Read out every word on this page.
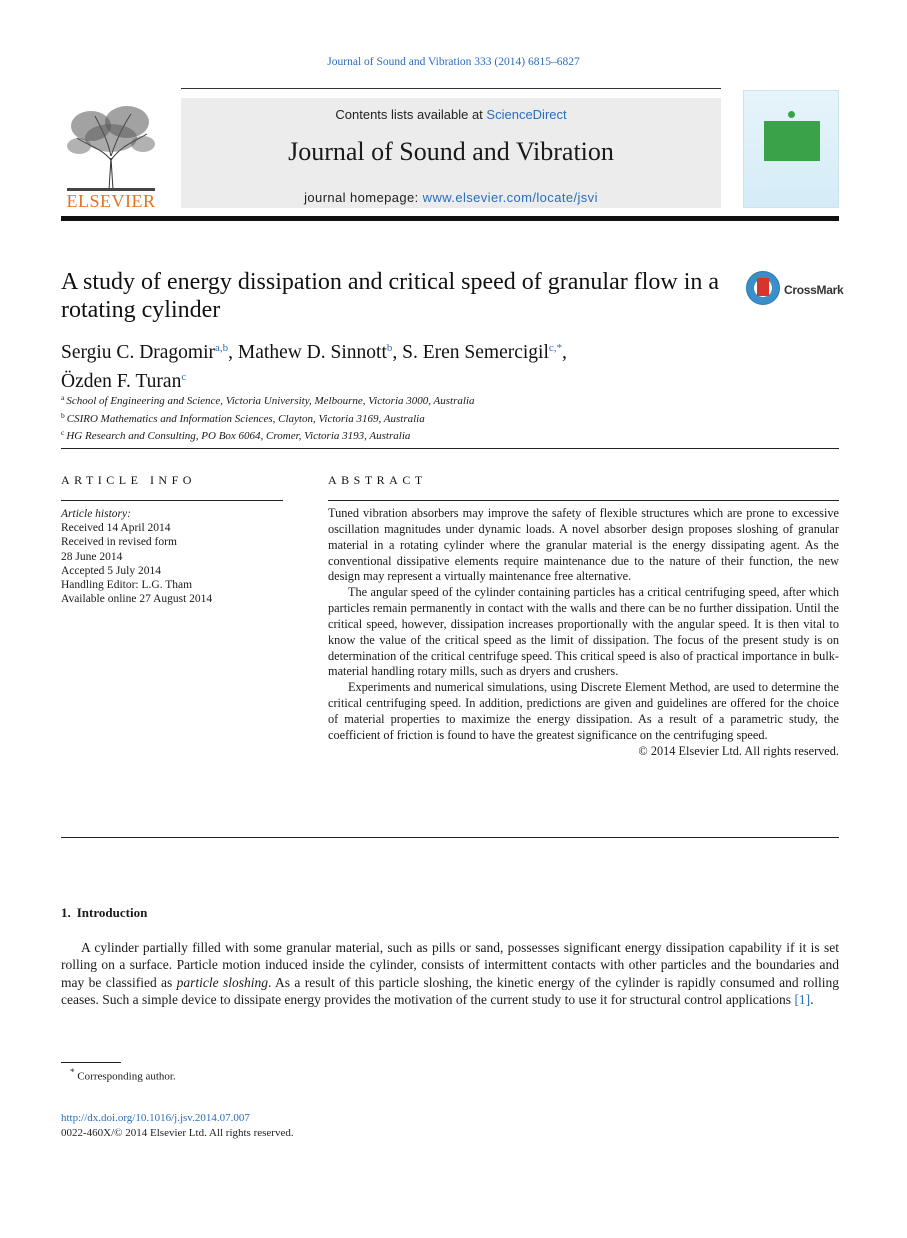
Journal of Sound and Vibration 333 (2014) 6815–6827
ELSEVIER
Contents lists available at ScienceDirect
Journal of Sound and Vibration
journal homepage: www.elsevier.com/locate/jsvi
A study of energy dissipation and critical speed of granular flow in a rotating cylinder
CrossMark
Sergiu C. Dragomir$^{a,b}$, Mathew D. Sinnott$^b$, S. Eren Semercigil$^{c,*}$,
Özden F. Turan$^c$
$^a$ School of Engineering and Science, Victoria University, Melbourne, Victoria 3000, Australia
$^b$ CSIRO Mathematics and Information Sciences, Clayton, Victoria 3169, Australia
$^c$ HG Research and Consulting, PO Box 6064, Cromer, Victoria 3193, Australia
ARTICLE INFO	ABSTRACT
Article history:
Received 14 April 2014
Received in revised form
28 June 2014
Accepted 5 July 2014
Handling Editor: L.G. Tham
Available online 27 August 2014

Tuned vibration absorbers may improve the safety of flexible structures which are prone to excessive oscillation magnitudes under dynamic loads. A novel absorber design proposes sloshing of granular material in a rotating cylinder where the granular material is the energy dissipating agent. As the conventional dissipative elements require maintenance due to the nature of their function, the new design may represent a virtually maintenance free alternative.

The angular speed of the cylinder containing particles has a critical centrifuging speed, after which particles remain permanently in contact with the walls and there can be no further dissipation. Until the critical speed, however, dissipation increases proportionally with the angular speed. It is then vital to know the value of the critical speed as the limit of dissipation. The focus of the present study is on determination of the critical centrifuge speed. This critical speed is also of practical importance in bulk-material handling rotary mills, such as dryers and crushers.

Experiments and numerical simulations, using Discrete Element Method, are used to determine the critical centrifuging speed. In addition, predictions are given and guidelines are offered for the choice of material properties to maximize the energy dissipation. As a result of a parametric study, the coefficient of friction is found to have the greatest significance on the centrifuging speed.

© 2014 Elsevier Ltd. All rights reserved.

1. Introduction

A cylinder partially filled with some granular material, such as pills or sand, possesses significant energy dissipation capability if it is set rolling on a surface. Particle motion induced inside the cylinder, consists of intermittent contacts with other particles and the boundaries and may be classified as particle sloshing. As a result of this particle sloshing, the kinetic energy of the cylinder is rapidly consumed and rolling ceases. Such a simple device to dissipate energy provides the motivation of the current study to use it for structural control applications [1].

* Corresponding author.
http://dx.doi.org/10.1016/j.jsv.2014.07.007
0022-460X/© 2014 Elsevier Ltd. All rights reserved.
